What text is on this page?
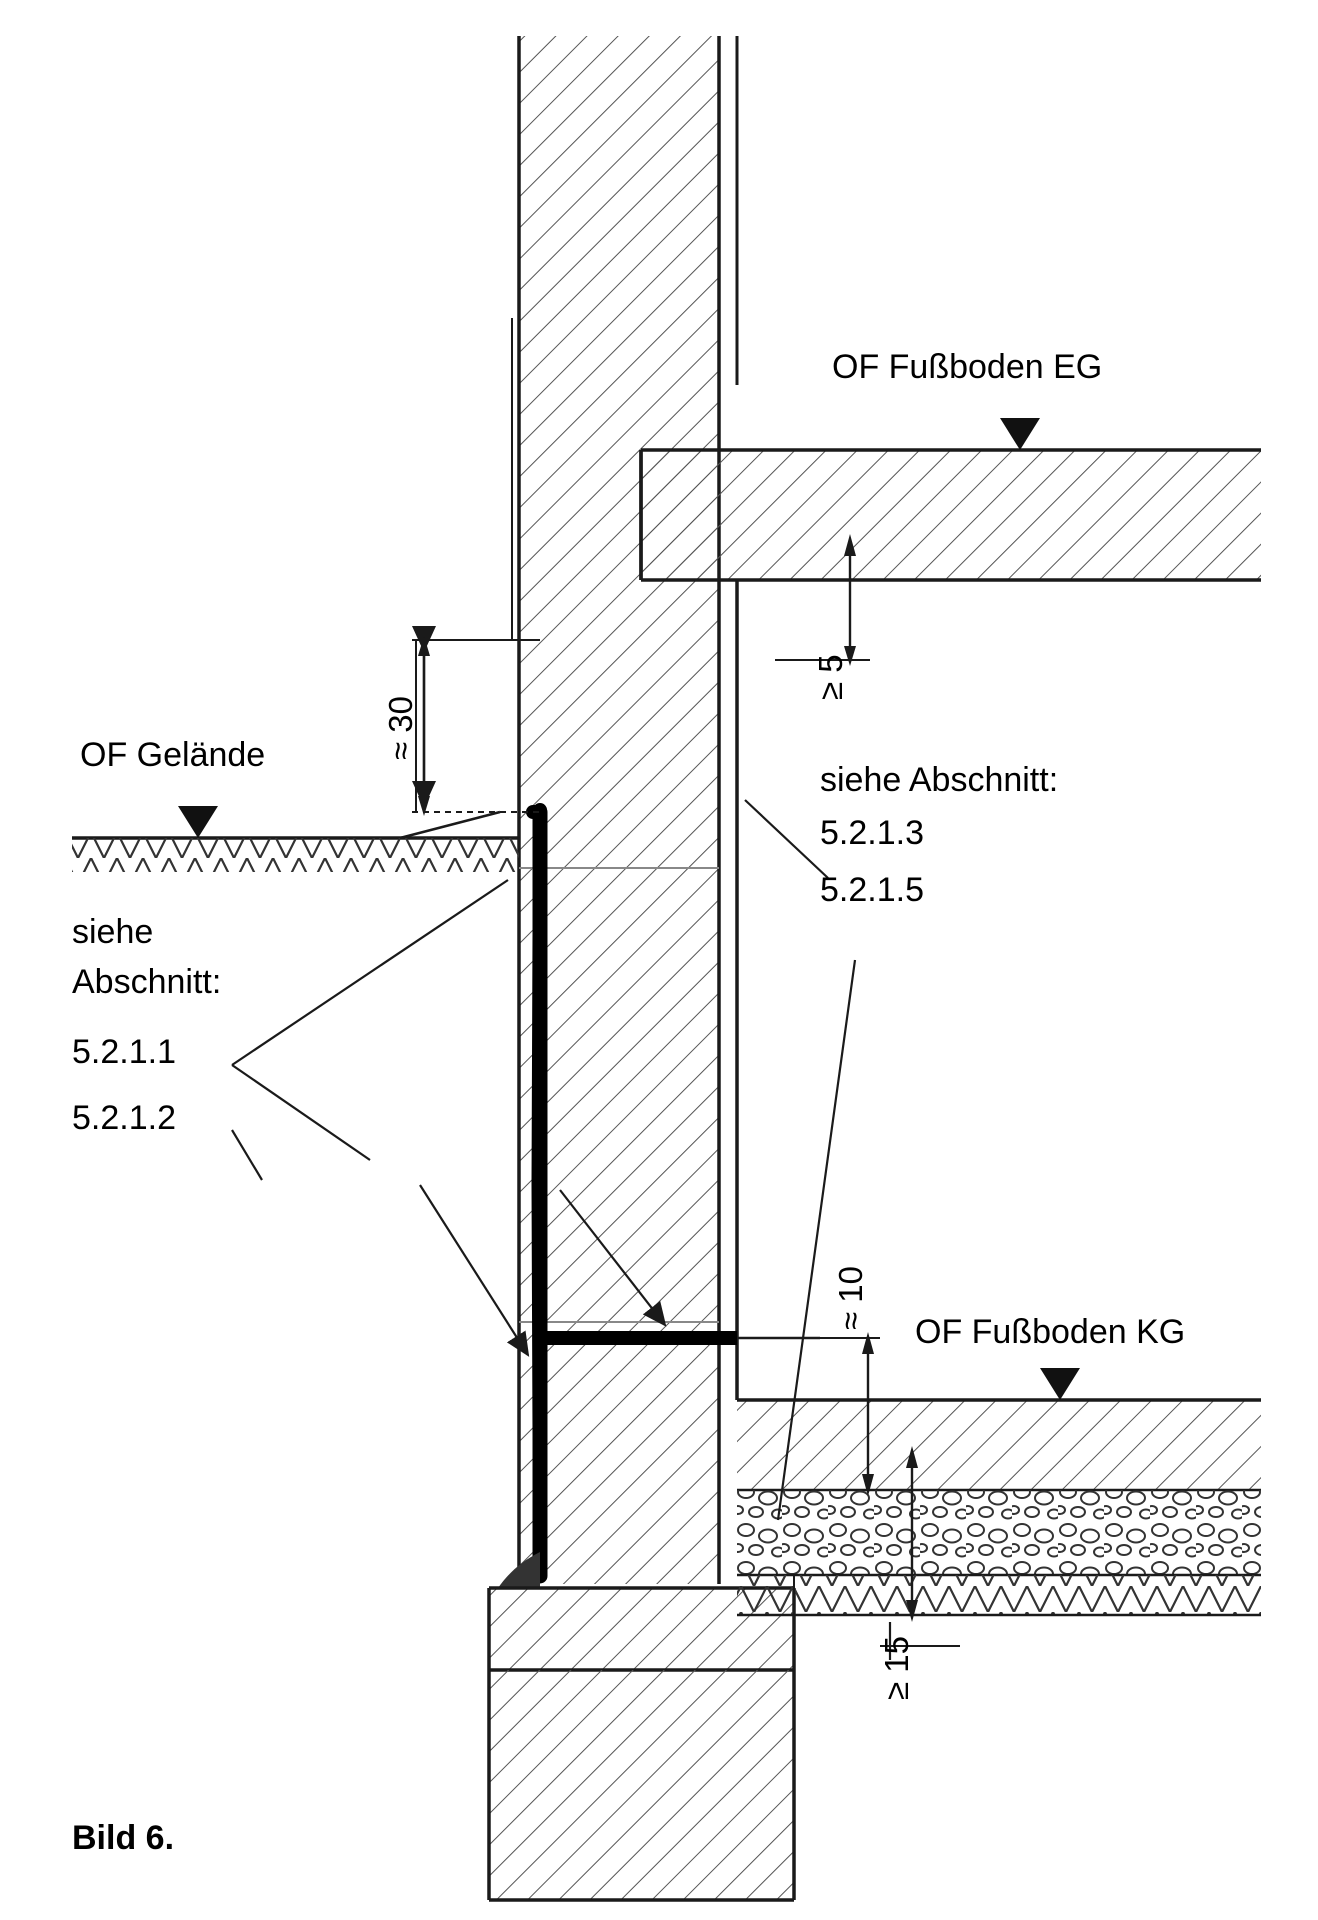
OF Fußboden EG
OF Fußboden KG
OF Gelände
siehe Abschnitt:
5.2.1.3
5.2.1.5
siehe
Abschnitt:
5.2.1.1
5.2.1.2
≈ 30
≥ 5
≈ 10
≥ 15
Bild 6.
